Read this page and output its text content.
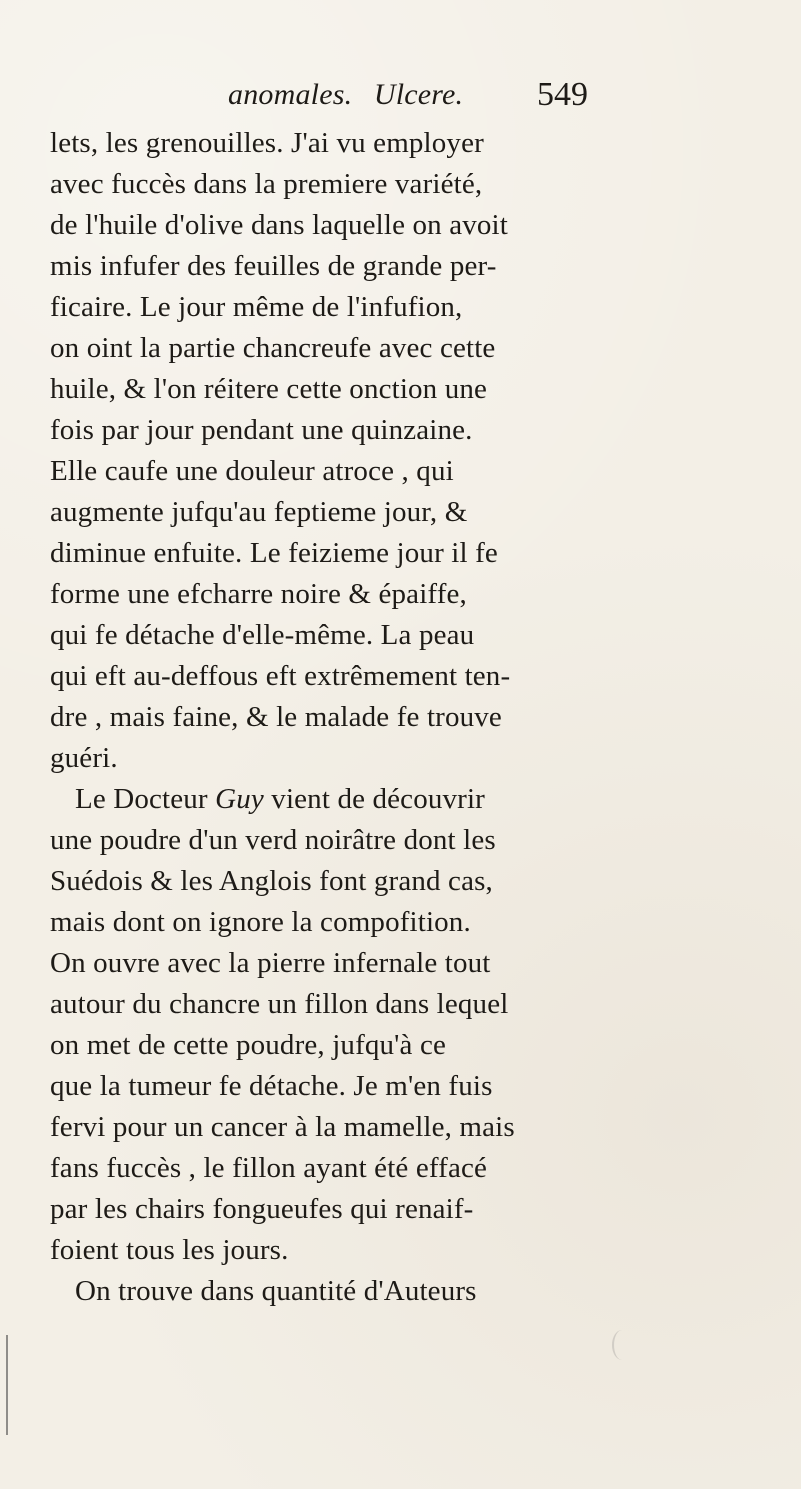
anomales. Ulcere. 549
lets, les grenouilles. J'ai vu employer
avec fuccès dans la premiere variété,
de l'huile d'olive dans laquelle on avoit
mis infufer des feuilles de grande per-
ficaire. Le jour même de l'infufion,
on oint la partie chancreufe avec cette
huile, & l'on réitere cette onction une
fois par jour pendant une quinzaine.
Elle caufe une douleur atroce , qui
augmente jufqu'au feptieme jour, &
diminue enfuite. Le feizieme jour il fe
forme une efcharre noire & épaiffe,
qui fe détache d'elle-même. La peau
qui eft au-deffous eft extrêmement ten-
dre , mais faine, & le malade fe trouve
guéri.
Le Docteur Guy vient de découvrir
une poudre d'un verd noirâtre dont les
Suédois & les Anglois font grand cas,
mais dont on ignore la compofition.
On ouvre avec la pierre infernale tout
autour du chancre un fillon dans lequel
on met de cette poudre, jufqu'à ce
que la tumeur fe détache. Je m'en fuis
fervi pour un cancer à la mamelle, mais
fans fuccès , le fillon ayant été effacé
par les chairs fongueufes qui renaif-
foient tous les jours.
On trouve dans quantité d'Auteurs
